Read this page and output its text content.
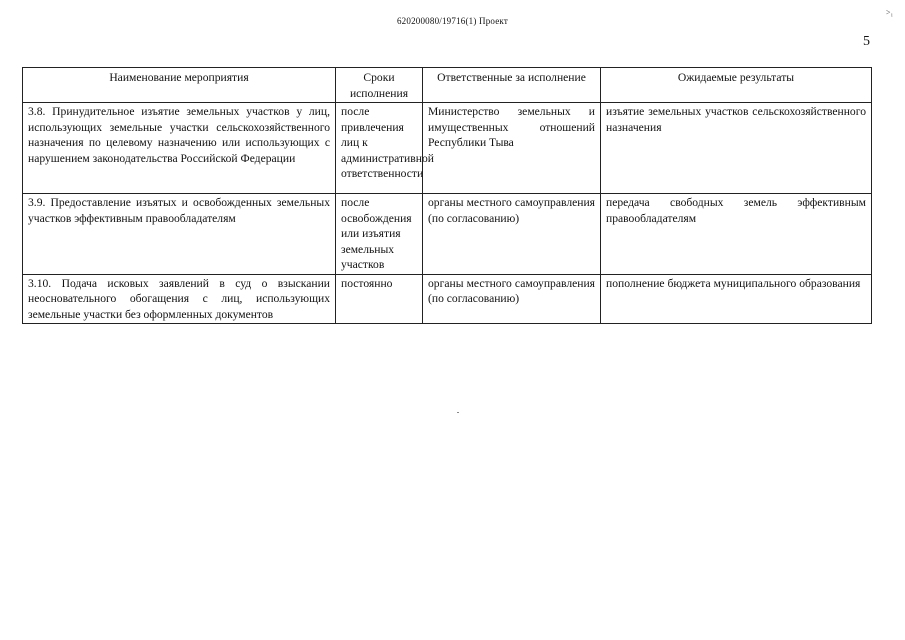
620200080/19716(1) Проект
>₁
5
Наименование мероприятия	Сроки исполнения	Ответственные за исполнение	Ожидаемые результаты
3.8. Принудительное изъятие земельных участков у лиц, использующих земельные участки сельскохозяйственного назначения по целевому назначению или использующих с нарушением законодательства Российской Федерации	после привлечения лиц к административной ответственности	Министерство земельных и имущественных отношений Республики Тыва	изъятие земельных участков сельскохозяйственного назначения
3.9. Предоставление изъятых и освобожденных земельных участков эффективным правообладателям	после освобождения или изъятия земельных участков	органы местного самоуправления (по согласованию)	передача свободных земель эффективным правообладателям
3.10. Подача исковых заявлений в суд о взыскании неосновательного обогащения с лиц, использующих земельные участки без оформленных документов	постоянно	органы местного самоуправления (по согласованию)	пополнение бюджета муниципального образования
